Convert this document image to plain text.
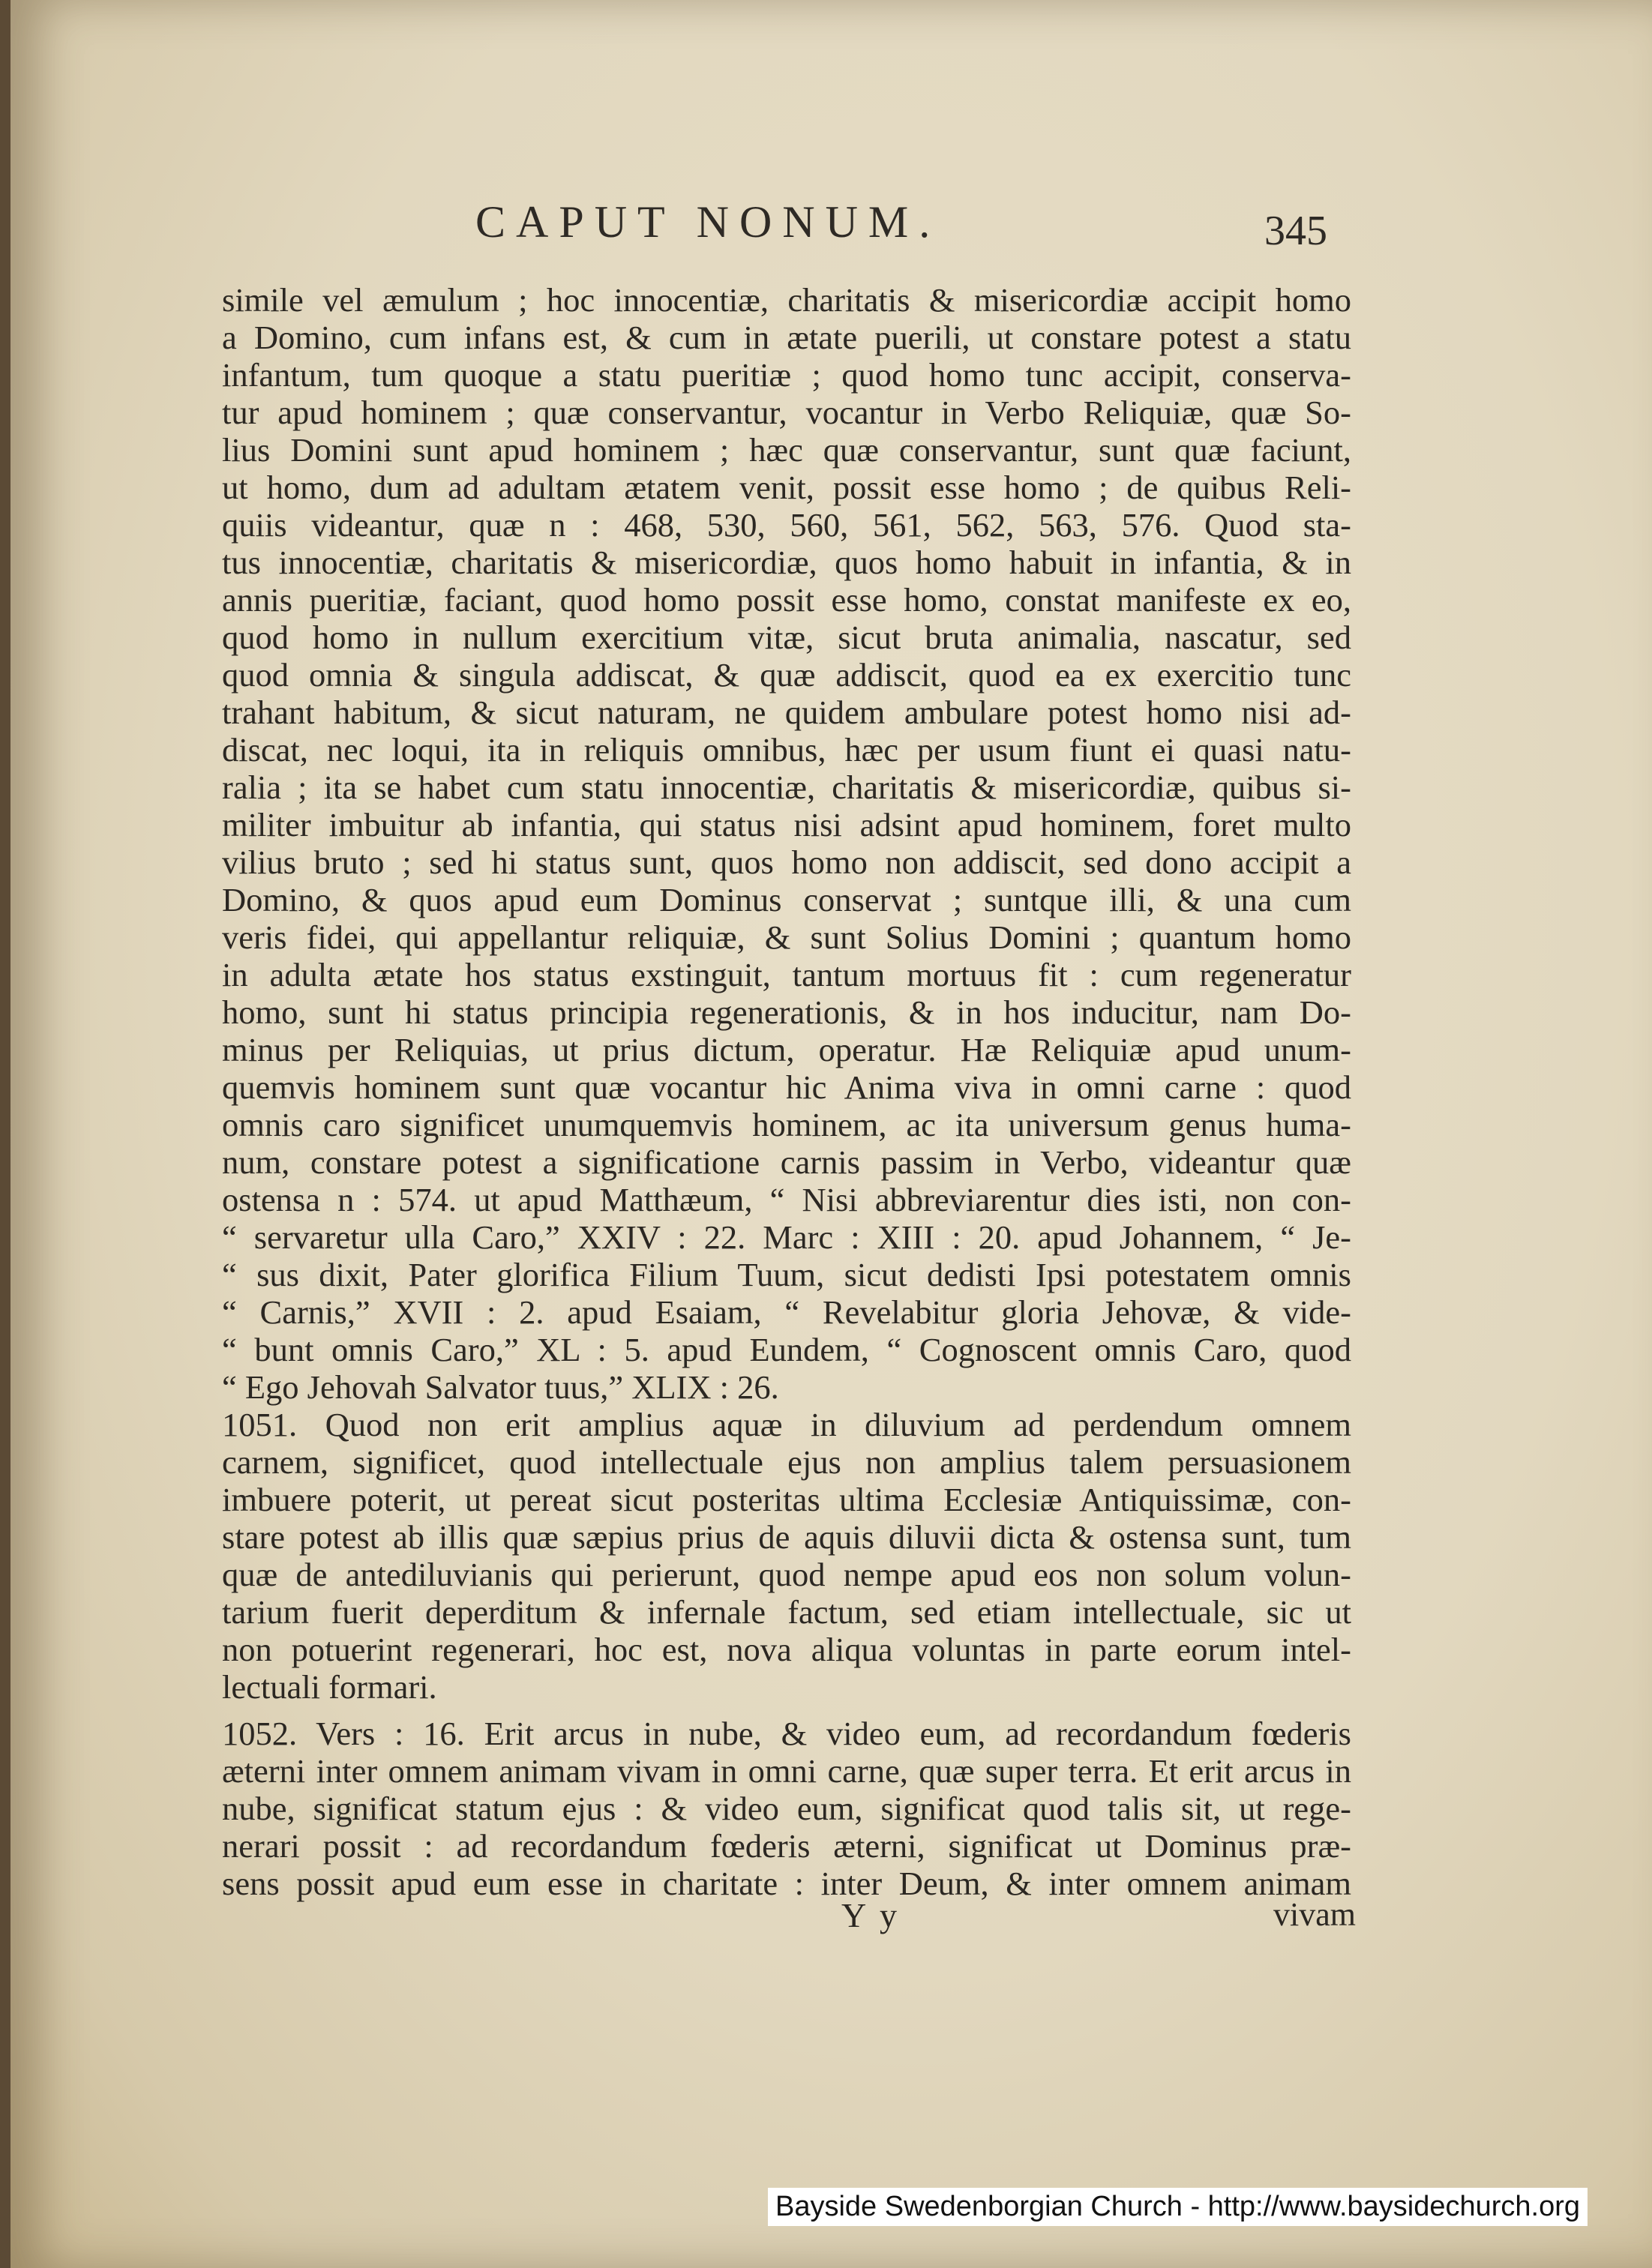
CAPUT NONUM.	345
simile vel æmulum ; hoc innocentiæ, charitatis & misericordiæ accipit homo
a Domino, cum infans est, & cum in ætate puerili, ut constare potest a statu
infantum, tum quoque a statu pueritiæ ; quod homo tunc accipit, conserva-
tur apud hominem ; quæ conservantur, vocantur in Verbo Reliquiæ, quæ So-
lius Domini sunt apud hominem ; hæc quæ conservantur, sunt quæ faciunt,
ut homo, dum ad adultam ætatem venit, possit esse homo ; de quibus Reli-
quiis videantur, quæ n : 468, 530, 560, 561, 562, 563, 576. Quod sta-
tus innocentiæ, charitatis & misericordiæ, quos homo habuit in infantia, & in
annis pueritiæ, faciant, quod homo possit esse homo, constat manifeste ex eo,
quod homo in nullum exercitium vitæ, sicut bruta animalia, nascatur, sed
quod omnia & singula addiscat, & quæ addiscit, quod ea ex exercitio tunc
trahant habitum, & sicut naturam, ne quidem ambulare potest homo nisi ad-
discat, nec loqui, ita in reliquis omnibus, hæc per usum fiunt ei quasi natu-
ralia ; ita se habet cum statu innocentiæ, charitatis & misericordiæ, quibus si-
militer imbuitur ab infantia, qui status nisi adsint apud hominem, foret multo
vilius bruto ; sed hi status sunt, quos homo non addiscit, sed dono accipit a
Domino, & quos apud eum Dominus conservat ; suntque illi, & una cum
veris fidei, qui appellantur reliquiæ, & sunt Solius Domini ; quantum homo
in adulta ætate hos status exstinguit, tantum mortuus fit : cum regeneratur
homo, sunt hi status principia regenerationis, & in hos inducitur, nam Do-
minus per Reliquias, ut prius dictum, operatur. Hæ Reliquiæ apud unum-
quemvis hominem sunt quæ vocantur hic Anima viva in omni carne : quod
omnis caro significet unumquemvis hominem, ac ita universum genus huma-
num, constare potest a significatione carnis passim in Verbo, videantur quæ
ostensa n : 574. ut apud Matthæum, “ Nisi abbreviarentur dies isti, non con-
“ servaretur ulla Caro,” XXIV : 22. Marc : XIII : 20. apud Johannem, “ Je-
“ sus dixit, Pater glorifica Filium Tuum, sicut dedisti Ipsi potestatem omnis
“ Carnis,” XVII : 2. apud Esaiam, “ Revelabitur gloria Jehovæ, & vide-
“ bunt omnis Caro,” XL : 5. apud Eundem, “ Cognoscent omnis Caro, quod
“ Ego Jehovah Salvator tuus,” XLIX : 26.
1051. Quod non erit amplius aquæ in diluvium ad perdendum omnem
carnem, significet, quod intellectuale ejus non amplius talem persuasionem
imbuere poterit, ut pereat sicut posteritas ultima Ecclesiæ Antiquissimæ, con-
stare potest ab illis quæ sæpius prius de aquis diluvii dicta & ostensa sunt, tum
quæ de antediluvianis qui perierunt, quod nempe apud eos non solum volun-
tarium fuerit deperditum & infernale factum, sed etiam intellectuale, sic ut
non potuerint regenerari, hoc est, nova aliqua voluntas in parte eorum intel-
lectuali formari.
1052. Vers : 16. Erit arcus in nube, & video eum, ad recordandum fœderis
æterni inter omnem animam vivam in omni carne, quæ super terra. Et erit arcus in
nube, significat statum ejus : & video eum, significat quod talis sit, ut rege-
nerari possit : ad recordandum fœderis æterni, significat ut Dominus præ-
sens possit apud eum esse in charitate : inter Deum, & inter omnem animam
Y y	vivam
Bayside Swedenborgian Church - http://www.baysidechurch.org
